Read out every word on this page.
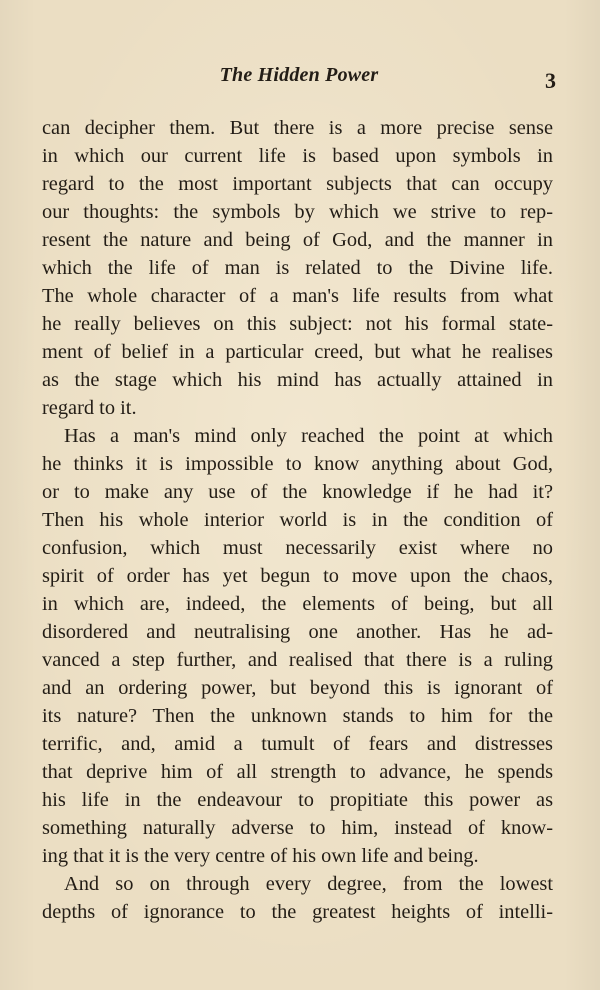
The Hidden Power	3
can decipher them. But there is a more precise sense
in which our current life is based upon symbols in
regard to the most important subjects that can occupy
our thoughts: the symbols by which we strive to rep-
resent the nature and being of God, and the manner in
which the life of man is related to the Divine life.
The whole character of a man's life results from what
he really believes on this subject: not his formal state-
ment of belief in a particular creed, but what he realises
as the stage which his mind has actually attained in
regard to it.
Has a man's mind only reached the point at which
he thinks it is impossible to know anything about God,
or to make any use of the knowledge if he had it?
Then his whole interior world is in the condition of
confusion, which must necessarily exist where no
spirit of order has yet begun to move upon the chaos,
in which are, indeed, the elements of being, but all
disordered and neutralising one another. Has he ad-
vanced a step further, and realised that there is a ruling
and an ordering power, but beyond this is ignorant of
its nature? Then the unknown stands to him for the
terrific, and, amid a tumult of fears and distresses
that deprive him of all strength to advance, he spends
his life in the endeavour to propitiate this power as
something naturally adverse to him, instead of know-
ing that it is the very centre of his own life and being.
And so on through every degree, from the lowest
depths of ignorance to the greatest heights of intelli-
